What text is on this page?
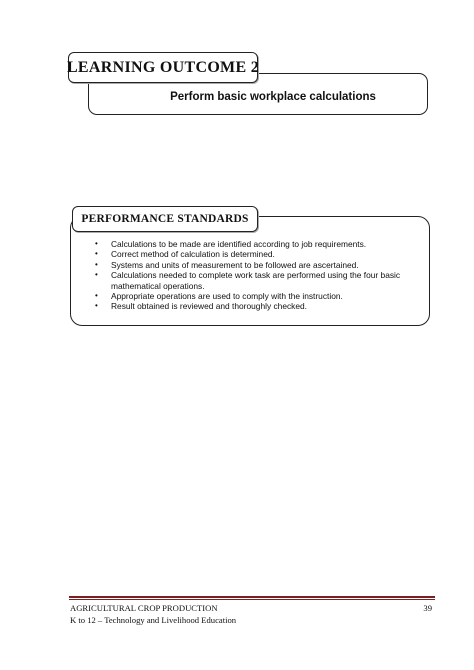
Perform basic workplace calculations
LEARNING OUTCOME 2
PERFORMANCE STANDARDS
• Calculations to be made are identified according to job requirements.
• Correct method of calculation is determined.
• Systems and units of measurement to be followed are ascertained.
• Calculations needed to complete work task are performed using the four basic mathematical operations.
• Appropriate operations are used to comply with the instruction.
• Result obtained is reviewed and thoroughly checked.
AGRICULTURAL CROP PRODUCTION
K to 12 – Technology and Livelihood Education
39
